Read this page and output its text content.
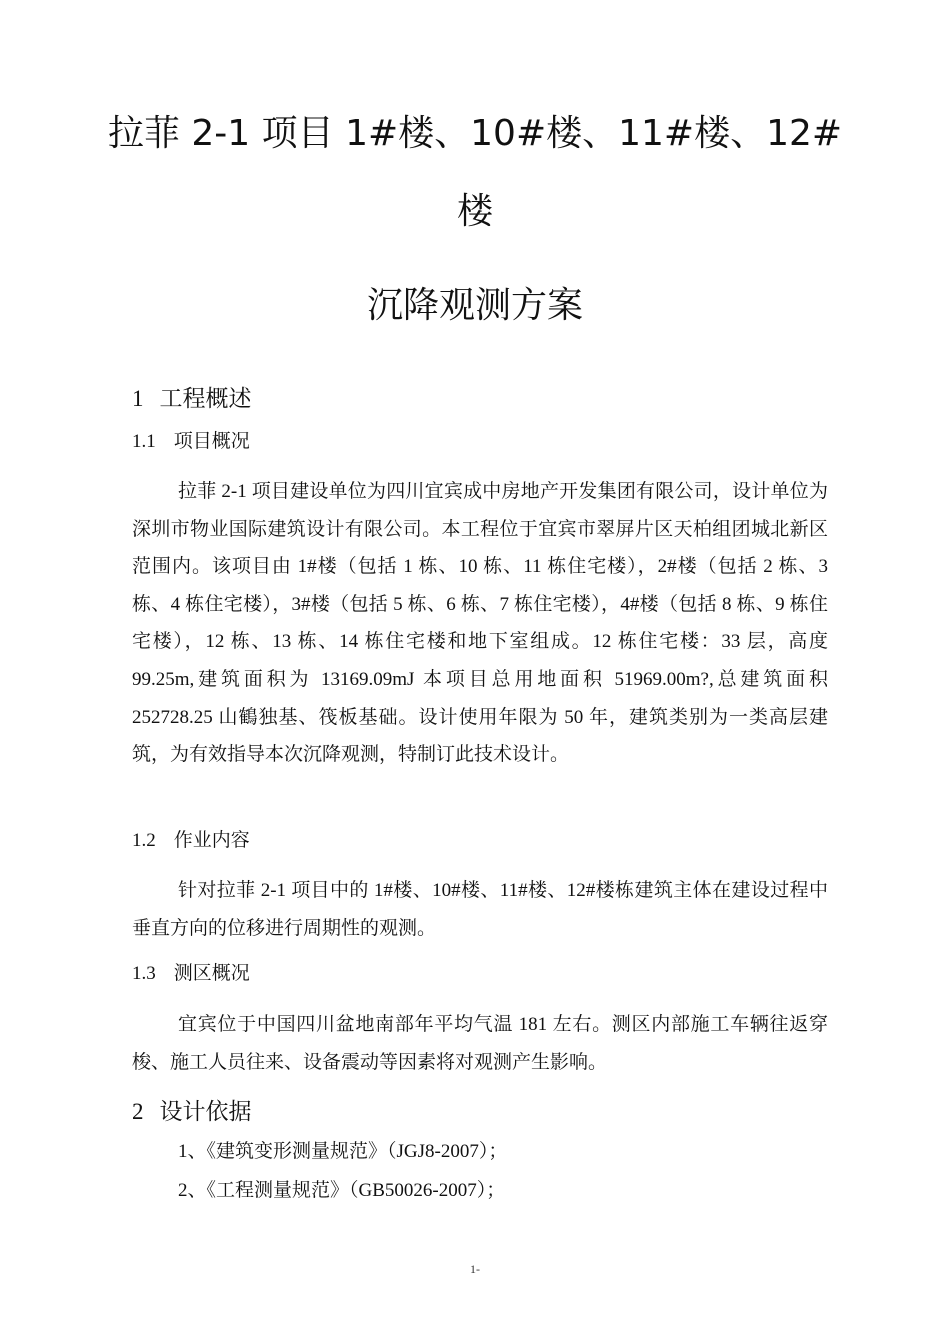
拉菲 2-1 项目 1#楼、10#楼、11#楼、12#
楼
沉降观测方案
1 工程概述
1.1 项目概况

拉菲 2-1 项目建设单位为四川宜宾成中房地产开发集团有限公司，设计单位为深圳市物业国际建筑设计有限公司。本工程位于宜宾市翠屏片区天柏组团城北新区范围内。该项目由 1#楼（包括 1 栋、10 栋、11 栋住宅楼），2#楼（包括 2 栋、3 栋、4 栋住宅楼），3#楼（包括 5 栋、6 栋、7 栋住宅楼），4#楼（包括 8 栋、9 栋住宅楼），12 栋、13 栋、14 栋住宅楼和地下室组成。12 栋住宅楼：33 层，高度 99.25m,建筑面积为 13169.09mJ 本项目总用地面积 51969.00m?,总建筑面积 252728.25 山鶴独基、筏板基础。设计使用年限为 50 年，建筑类别为一类高层建筑，为有效指导本次沉降观测，特制订此技术设计。

1.2 作业内容

针对拉菲 2-1 项目中的 1#楼、10#楼、11#楼、12#楼栋建筑主体在建设过程中垂直方向的位移进行周期性的观测。

1.3 测区概况

宜宾位于中国四川盆地南部年平均气温 181 左右。测区内部施工车辆往返穿梭、施工人员往来、设备震动等因素将对观测产生影响。

2 设计依据
1、《建筑变形测量规范》（JGJ8-2007）；
2、《工程测量规范》（GB50026-2007）；
1-
